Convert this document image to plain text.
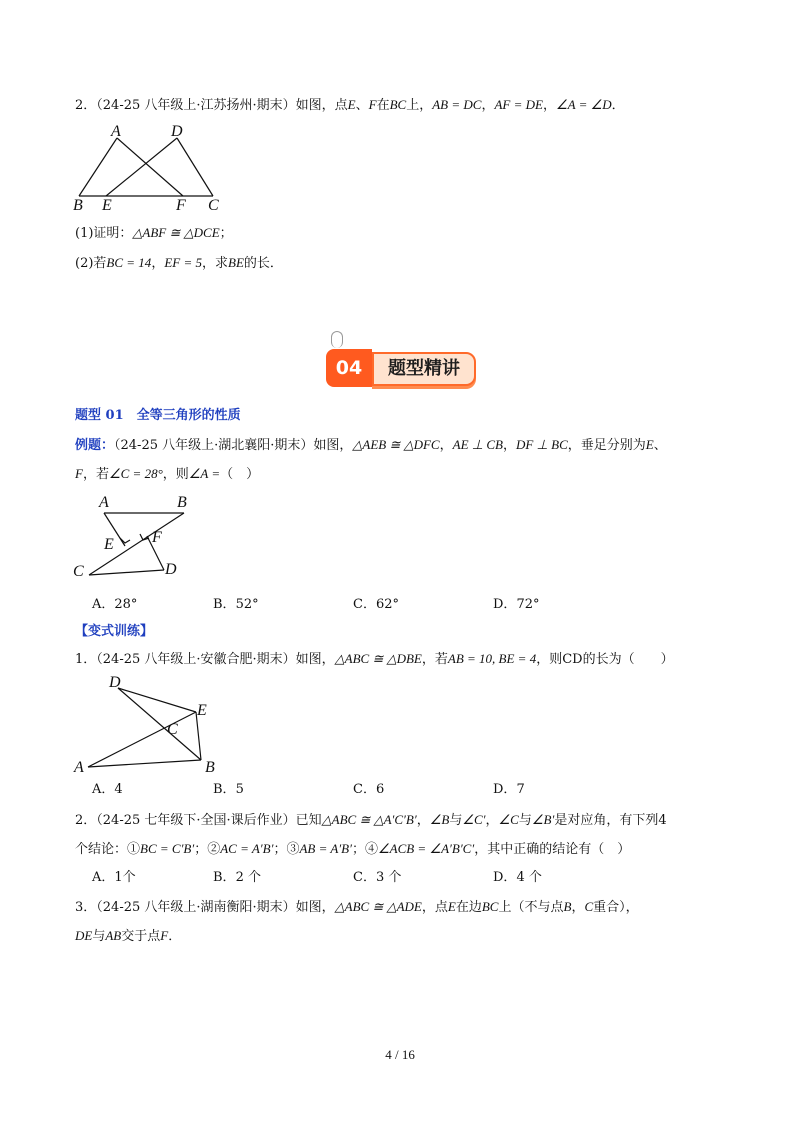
2．（24-25 八年级上·江苏扬州·期末）如图，点E、F在BC上，AB = DC，AF = DE，∠A = ∠D．
A	D
B E	F C
(1)证明：△ABF ≅ △DCE；
(2)若BC = 14，EF = 5，求BE的长．
04	题型精讲
题型 01　全等三角形的性质
例题：（24-25 八年级上·湖北襄阳·期末）如图，△AEB ≅ △DFC，AE ⊥ CB，DF ⊥ BC，垂足分别为E、
F，若∠C = 28°，则∠A =（　）
A	B
E F
C	D
A．28°	B．52°	C．62°	D．72°
【变式训练】
1．（24-25 八年级上·安徽合肥·期末）如图，△ABC ≅ △DBE，若AB = 10, BE = 4，则CD的长为（　　）
D
E
C
A	B
A．4	B．5	C．6	D．7
2．（24-25 七年级下·全国·课后作业）已知△ABC ≅ △A′C′B′，∠B与∠C′，∠C与∠B′是对应角，有下列4
个结论：①BC = C′B′；②AC = A′B′；③AB = A′B′；④∠ACB = ∠A′B′C′，其中正确的结论有（　）
A．1个	B．2 个	C．3 个	D．4 个
3．（24-25 八年级上·湖南衡阳·期末）如图，△ABC ≅ △ADE，点E在边BC上（不与点B，C重合），
DE与AB交于点F．
4 / 16
